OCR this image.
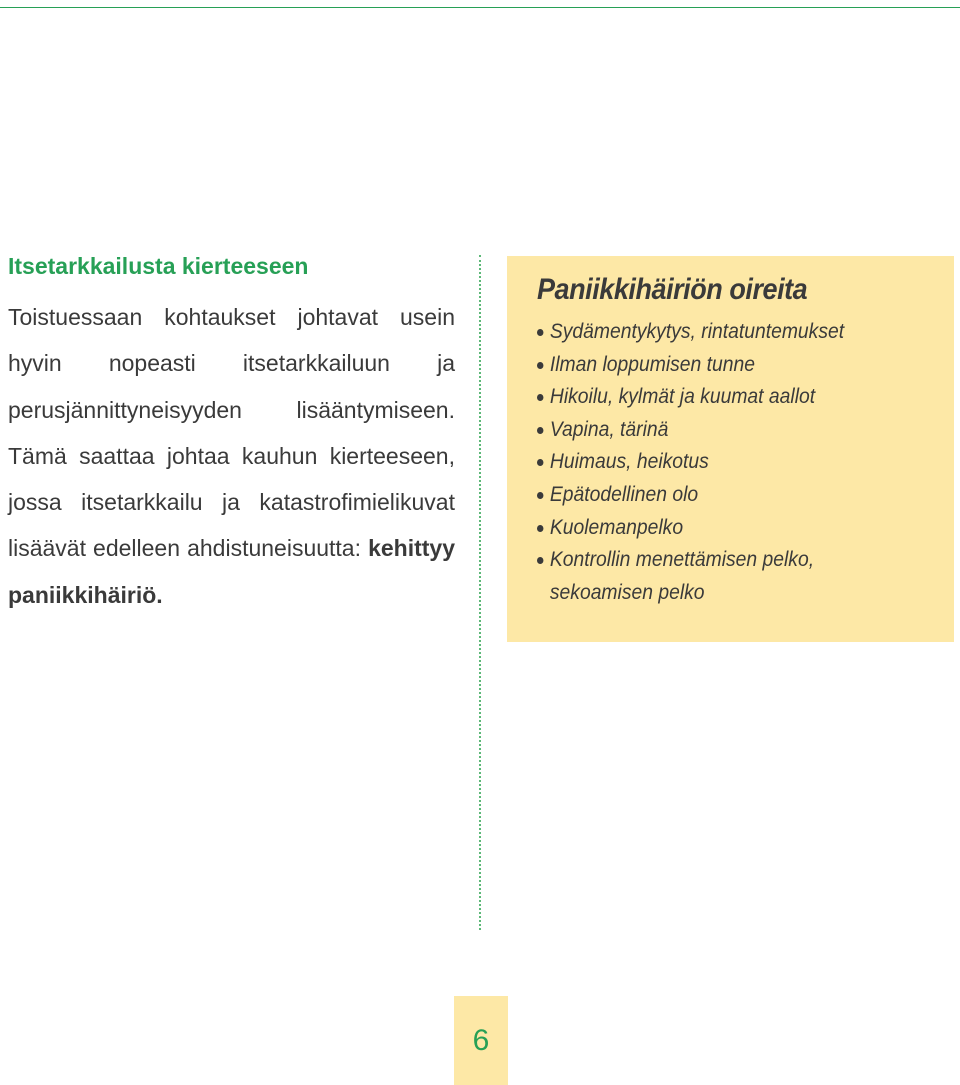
Itsetarkkailusta kierteeseen

Toistuessaan kohtaukset johtavat usein hyvin nopeasti itsetarkkailuun ja perusjännittyneisyyden lisääntymiseen. Tämä saattaa johtaa kauhun kierteeseen, jossa itsetarkkailu ja katastrofimielikuvat lisäävät edelleen ahdistuneisuutta: kehittyy paniikkihäiriö.

Paniikkihäiriön oireita
Sydämentykytys, rintatuntemukset
Ilman loppumisen tunne
Hikoilu, kylmät ja kuumat aallot
Vapina, tärinä
Huimaus, heikotus
Epätodellinen olo
Kuolemanpelko
Kontrollin menettämisen pelko,
sekoamisen pelko
6
